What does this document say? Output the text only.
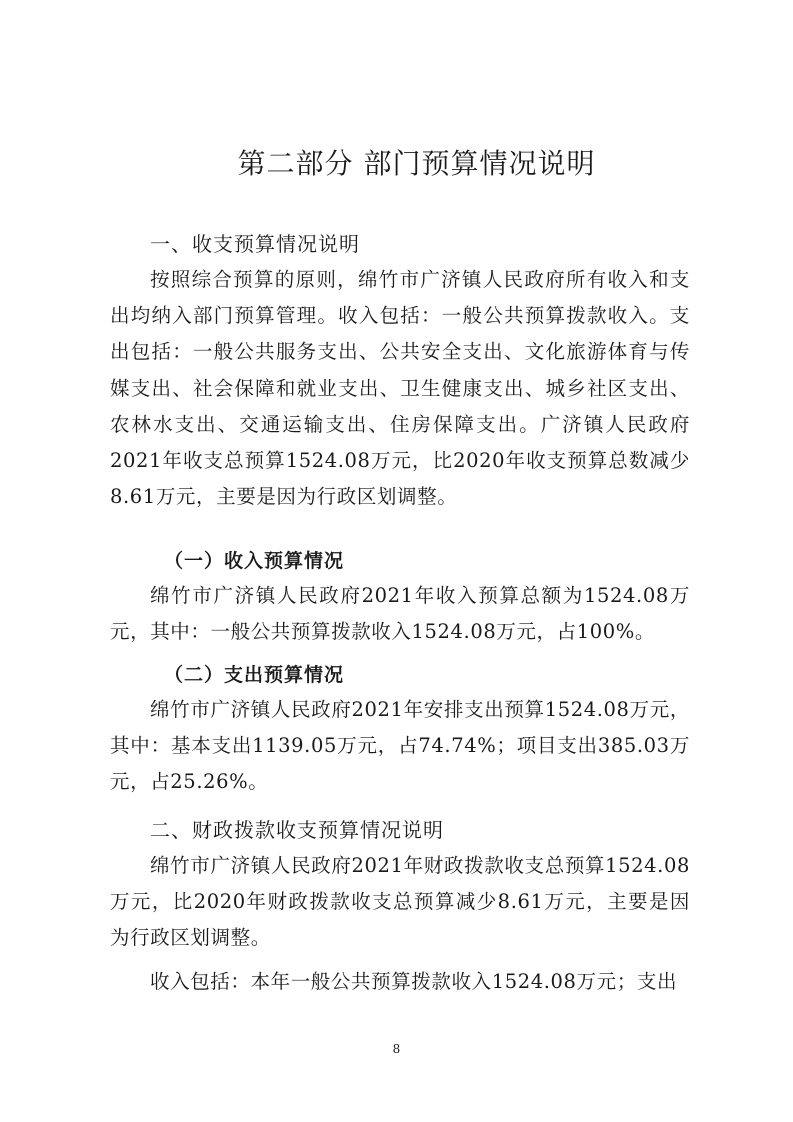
第二部分 部门预算情况说明
一、收支预算情况说明
按照综合预算的原则，绵竹市广济镇人民政府所有收入和支出均纳入部门预算管理。收入包括：一般公共预算拨款收入。支出包括：一般公共服务支出、公共安全支出、文化旅游体育与传媒支出、社会保障和就业支出、卫生健康支出、城乡社区支出、农林水支出、交通运输支出、住房保障支出。广济镇人民政府2021年收支总预算1524.08万元，比2020年收支预算总数减少8.61万元，主要是因为行政区划调整。
（一）收入预算情况
绵竹市广济镇人民政府2021年收入预算总额为1524.08万元，其中：一般公共预算拨款收入1524.08万元，占100%。
（二）支出预算情况
绵竹市广济镇人民政府2021年安排支出预算1524.08万元，其中：基本支出1139.05万元，占74.74%；项目支出385.03万元，占25.26%。
二、财政拨款收支预算情况说明
绵竹市广济镇人民政府2021年财政拨款收支总预算1524.08万元，比2020年财政拨款收支总预算减少8.61万元，主要是因为行政区划调整。
收入包括：本年一般公共预算拨款收入1524.08万元；支出
8
